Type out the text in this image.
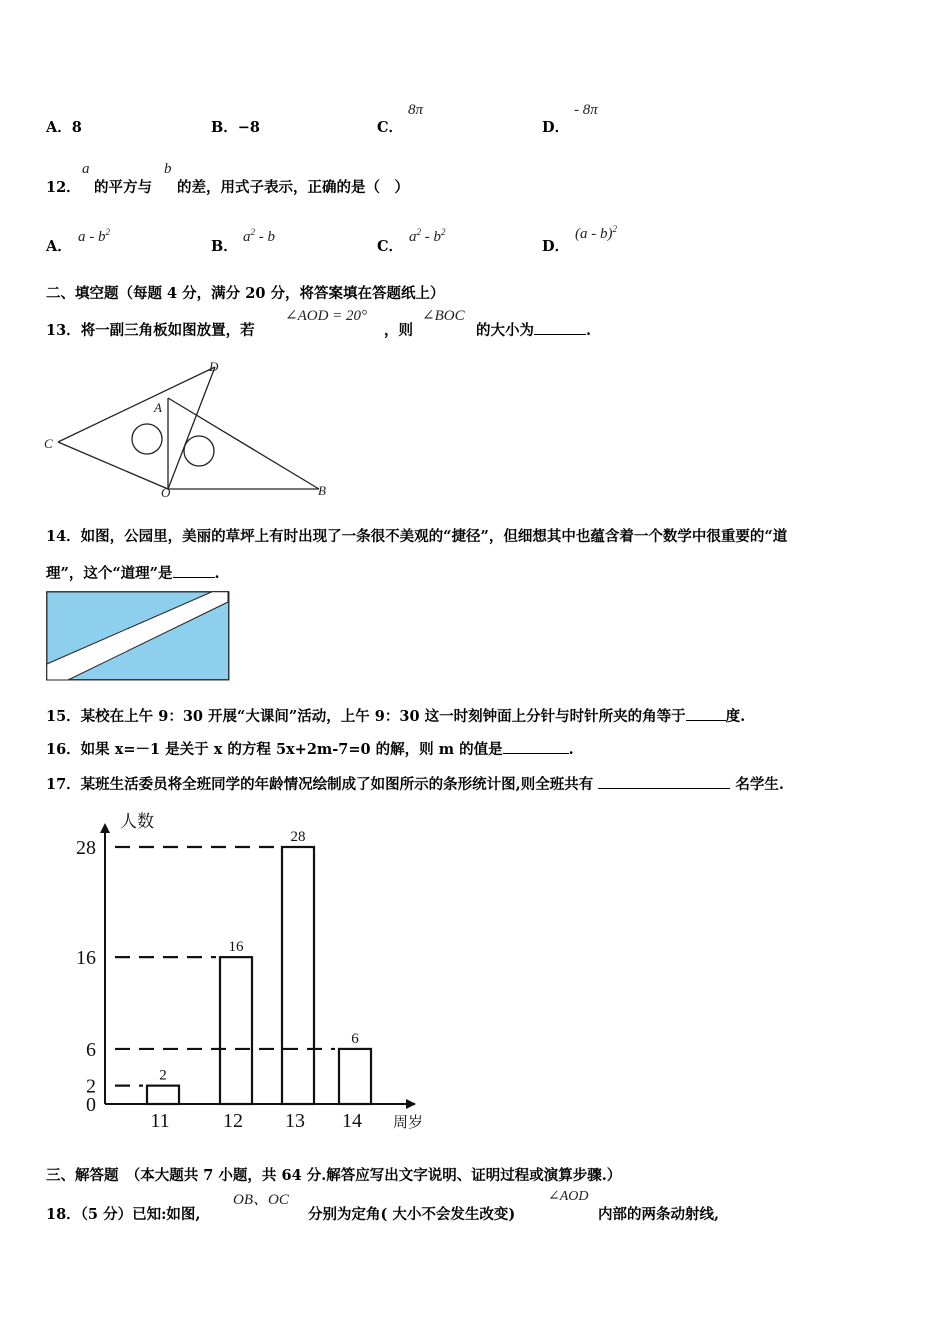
A．8	B．−8	C．
8π
D．
- 8π
12．
a
的平方与
b
的差，用式子表示，正确的是（　）
A．
a - $b^2$
B．
$a^2$ - b
C．
$a^2 - b^2$
D．
(a - b)$^2$
二、填空题（每题 4 分，满分 20 分，将答案填在答题纸上）
13．将一副三角板如图放置，若
∠AOD = 20°
，则
∠BOC
的大小为	.
D
A
C
O	B
14．如图，公园里，美丽的草坪上有时出现了一条很不美观的“捷径”，但细想其中也蕴含着一个数学中很重要的“道
理”，这个“道理”是	.
15．某校在上午 9：30 开展“大课间”活动，上午 9：30 这一时刻钟面上分针与时针所夹的角等于	度.
16．如果 x=－1 是关于 x 的方程 5x+2m-7=0 的解，则 m 的值是	.
17．某班生活委员将全班同学的年龄情况绘制成了如图所示的条形统计图,则全班共有	名学生.
人数
周岁
0
2
6
16
28
2
11
16
12
28
13
6
14
三、解答题　（本大题共 7 小题，共 64 分.解答应写出文字说明、证明过程或演算步骤.）
18．（5 分）已知:如图,
OB、OC
分别为定角( 大小不会发生改变)
∠AOD
内部的两条动射线,
